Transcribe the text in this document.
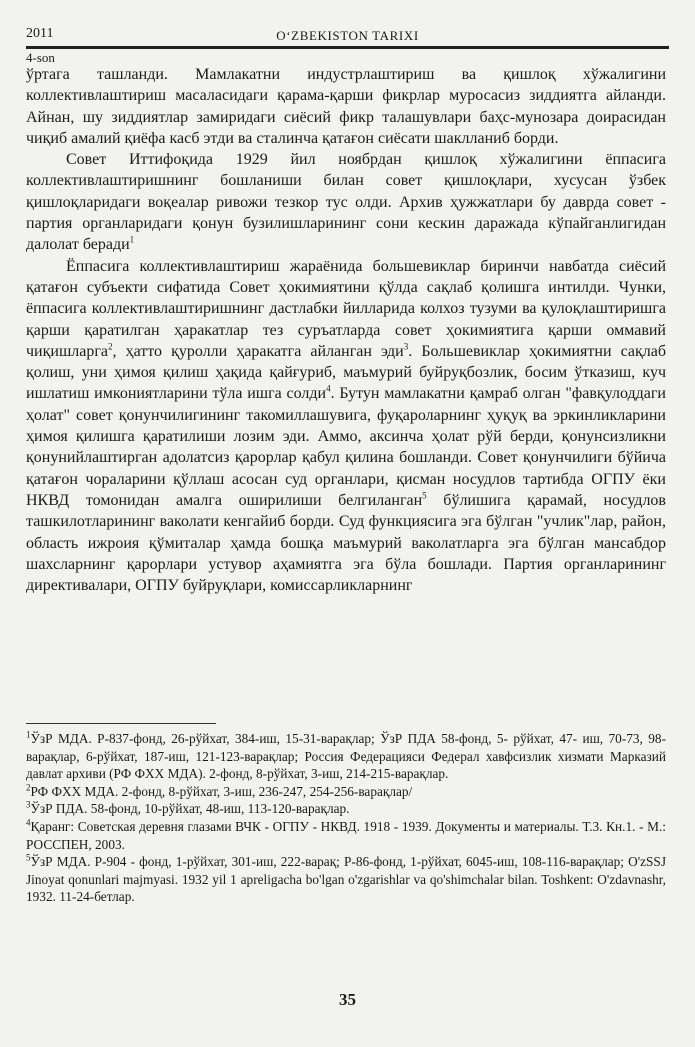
2011	O‘ZBEKISTON TARIXI
4-son

ўртага ташланди. Мамлакатни индустрлаштириш ва қишлоқ хўжалигини коллективлаштириш масаласидаги қарама-қарши фикрлар муросасиз зиддиятга айланди. Айнан, шу зиддиятлар замиридаги сиёсий фикр талашувлари баҳс-мунозара доирасидан чиқиб амалий қиёфа касб этди ва сталинча қатағон сиёсати шаклланиб борди.

Совет Иттифоқида 1929 йил ноябрдан қишлоқ хўжалигини ёппасига коллективлаштиришнинг бошланиши билан совет қишлоқлари, хусусан ўзбек қишлоқларидаги воқеалар ривожи тезкор тус олди. Архив ҳужжатлари бу даврда совет - партия органларидаги қонун бузилишларининг сони кескин даражада кўпайганлигидан далолат беради$^1$

Ёппасига коллективлаштириш жараёнида большевиклар биринчи навбатда сиёсий қатағон субъекти сифатида Совет ҳокимиятини қўлда сақлаб қолишга интилди. Чунки, ёппасига коллективлаштиришнинг дастлабки йилларида колхоз тузуми ва қулоқлаштиришга қарши қаратилган ҳаракатлар тез суръатларда совет ҳокимиятига қарши оммавий чиқишларга$^2$, ҳатто қуролли ҳаракатга айланган эди$^3$. Большевиклар ҳокимиятни сақлаб қолиш, уни ҳимоя қилиш ҳақида қайғуриб, маъмурий буйруқбозлик, босим ўтказиш, куч ишлатиш имкониятларини тўла ишга солди$^4$. Бутун мамлакатни қамраб олган "фавқулоддаги ҳолат" совет қонунчилигининг такомиллашувига, фуқароларнинг ҳуқуқ ва эркинликларини ҳимоя қилишга қаратилиши лозим эди. Аммо, аксинча ҳолат рўй берди, қонунсизликни қонунийлаштирган адолатсиз қарорлар қабул қилина бошланди. Совет қонунчилиги бўйича қатағон чораларини қўллаш асосан суд органлари, қисман носудлов тартибда ОГПУ ёки НКВД томонидан амалга оширилиши белгиланган$^5$ бўлишига қарамай, носудлов ташкилотларининг ваколати кенгайиб борди. Суд функциясига эга бўлган "учлик"лар, район, область ижроия қўмиталар ҳамда бошқа маъмурий ваколатларга эга бўлган мансабдор шахсларнинг қарорлари устувор аҳамиятга эга бўла бошлади. Партия органларининг директивалари, ОГПУ буйруқлари, комиссарликларнинг

$^1$ЎзР МДА. Р-837-фонд, 26-рўйхат, 384-иш, 15-31-варақлар; ЎзР ПДА 58-фонд, 5- рўйхат, 47- иш, 70-73, 98-варақлар, 6-рўйхат, 187-иш, 121-123-варақлар; Россия Федерацияси Федерал хавфсизлик хизмати Марказий давлат архиви (РФ ФХХ МДА). 2-фонд, 8-рўйхат, 3-иш, 214-215-варақлар.

$^2$РФ ФХХ МДА. 2-фонд, 8-рўйхат, 3-иш, 236-247, 254-256-варақлар/

$^3$ЎзР ПДА. 58-фонд, 10-рўйхат, 48-иш, 113-120-варақлар.

$^4$Қаранг: Советская деревня глазами ВЧК - ОГПУ - НКВД. 1918 - 1939. Документы и материалы. Т.3. Кн.1. - М.: РОССПЕН, 2003.

$^5$ЎзР МДА. Р-904 - фонд, 1-рўйхат, 301-иш, 222-варақ; Р-86-фонд, 1-рўйхат, 6045-иш, 108-116-варақлар; O'zSSJ Jinoyat qonunlari majmyasi. 1932 yil 1 apreligacha bo'lgan o'zgarishlar va qo'shimchalar bilan. Toshkent: O'zdavnashr, 1932. 11-24-бетлар.

35
